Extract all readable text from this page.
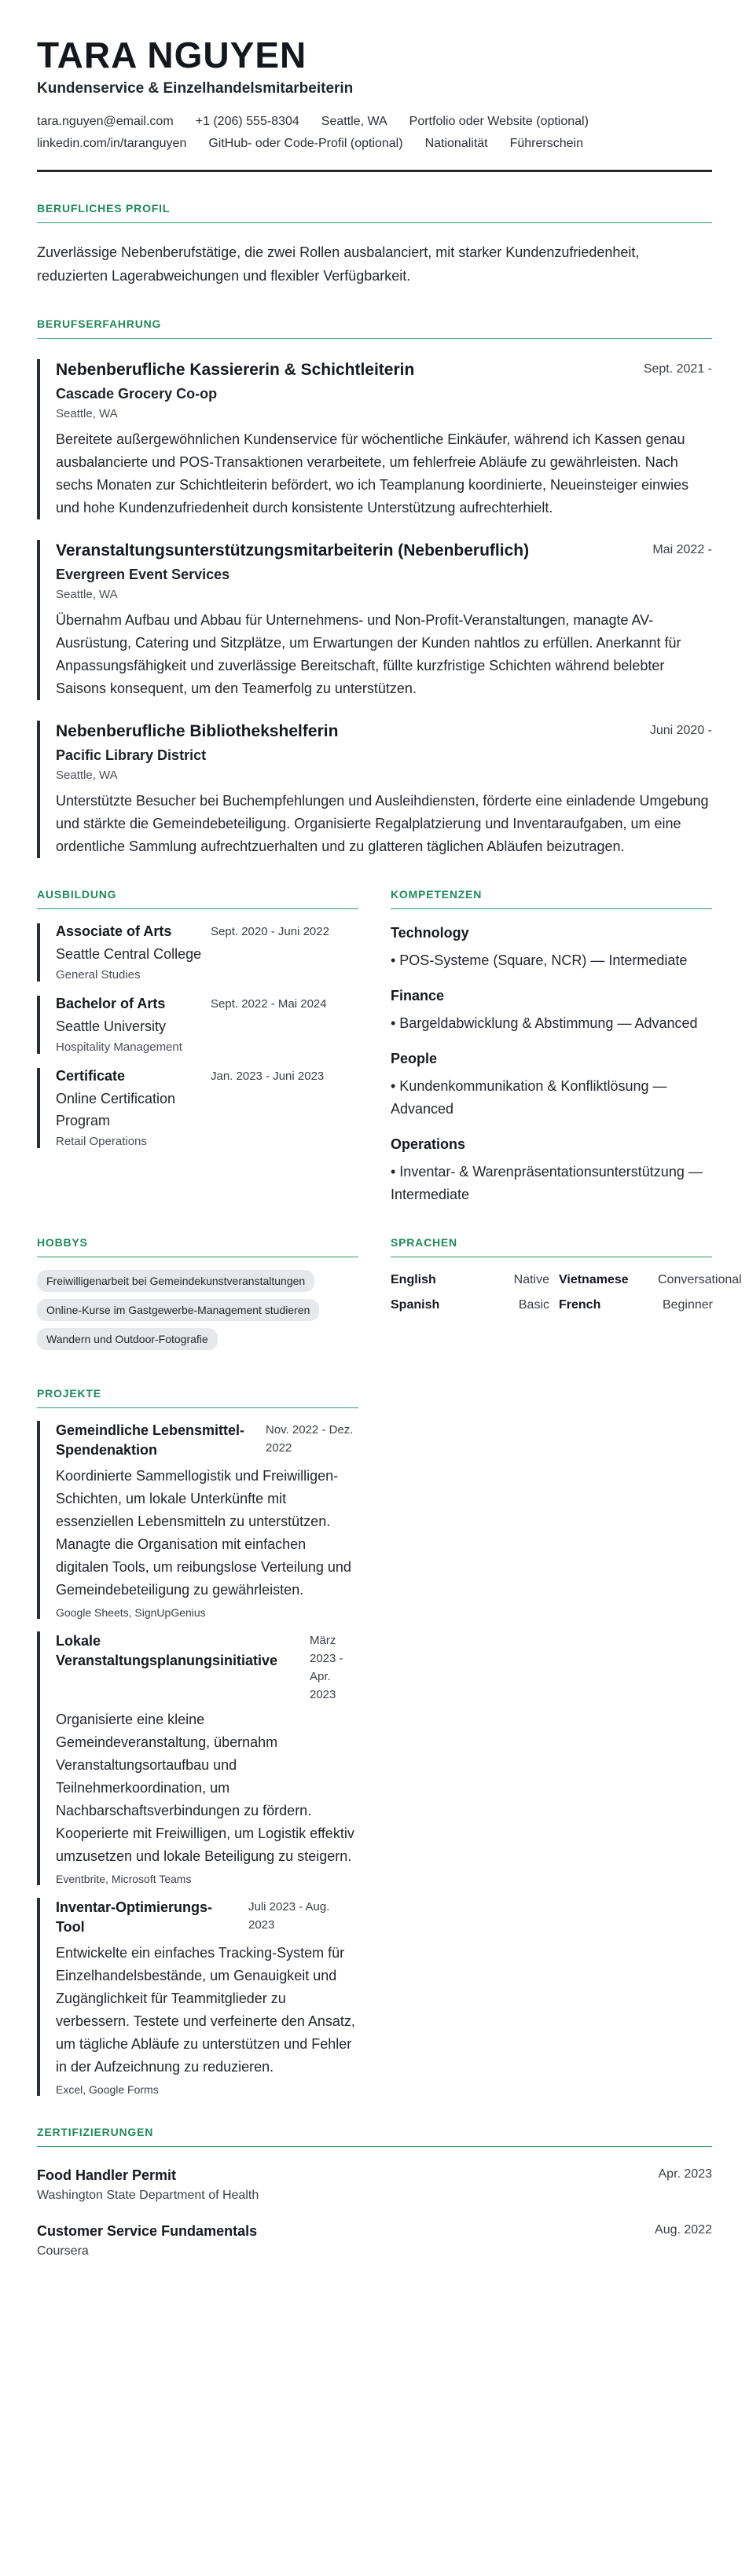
TARA NGUYEN
Kundenservice & Einzelhandelsmitarbeiterin
tara.nguyen@email.com +1 (206) 555-8304 Seattle, WA Portfolio oder Website (optional)
linkedin.com/in/taranguyen GitHub- oder Code-Profil (optional) Nationalität Führerschein
BERUFLICHES PROFIL

Zuverlässige Nebenberufstätige, die zwei Rollen ausbalanciert, mit starker Kundenzufriedenheit, reduzierten Lagerabweichungen und flexibler Verfügbarkeit.

BERUFSERFAHRUNG
Nebenberufliche Kassiererin & Schichtleiterin	Sept. 2021 -
Cascade Grocery Co-op
Seattle, WA

Bereitete außergewöhnlichen Kundenservice für wöchentliche Einkäufer, während ich Kassen genau ausbalancierte und POS-Transaktionen verarbeitete, um fehlerfreie Abläufe zu gewährleisten. Nach sechs Monaten zur Schichtleiterin befördert, wo ich Teamplanung koordinierte, Neueinsteiger einwies und hohe Kundenzufriedenheit durch konsistente Unterstützung aufrechterhielt.

Veranstaltungsunterstützungsmitarbeiterin (Nebenberuflich)	Mai 2022 -
Evergreen Event Services
Seattle, WA

Übernahm Aufbau und Abbau für Unternehmens- und Non-Profit-Veranstaltungen, managte AV-Ausrüstung, Catering und Sitzplätze, um Erwartungen der Kunden nahtlos zu erfüllen. Anerkannt für Anpassungsfähigkeit und zuverlässige Bereitschaft, füllte kurzfristige Schichten während belebter Saisons konsequent, um den Teamerfolg zu unterstützen.

Nebenberufliche Bibliothekshelferin	Juni 2020 -
Pacific Library District
Seattle, WA

Unterstützte Besucher bei Buchempfehlungen und Ausleihdiensten, förderte eine einladende Umgebung und stärkte die Gemeindebeteiligung. Organisierte Regalplatzierung und Inventaraufgaben, um eine ordentliche Sammlung aufrechtzuerhalten und zu glatteren täglichen Abläufen beizutragen.

AUSBILDUNG
Associate of Arts
Seattle Central College
General Studies
Sept. 2020 - Juni 2022
Bachelor of Arts
Seattle University
Hospitality Management
Sept. 2022 - Mai 2024
Certificate
Online Certification Program
Retail Operations
Jan. 2023 - Juni 2023
KOMPETENZEN
Technology
• POS-Systeme (Square, NCR) — Intermediate
Finance
• Bargeldabwicklung & Abstimmung — Advanced
People
• Kundenkommunikation & Konfliktlösung — Advanced
Operations
• Inventar- & Warenpräsentationsunterstützung — Intermediate
HOBBYS
Freiwilligenarbeit bei Gemeindekunstveranstaltungen
Online-Kurse im Gastgewerbe-Management studieren
Wandern und Outdoor-Fotografie
SPRACHEN
English	Native Vietnamese	Conversational
Spanish	Basic French	Beginner
PROJEKTE
Gemeindliche Lebensmittel-Spendenaktion
Nov. 2022 - Dez. 2022

Koordinierte Sammellogistik und Freiwilligen-Schichten, um lokale Unterkünfte mit essenziellen Lebensmitteln zu unterstützen. Managte die Organisation mit einfachen digitalen Tools, um reibungslose Verteilung und Gemeindebeteiligung zu gewährleisten.

Google Sheets, SignUpGenius
Lokale Veranstaltungsplanungsinitiative
März 2023 - Apr. 2023

Organisierte eine kleine Gemeindeveranstaltung, übernahm Veranstaltungsortaufbau und Teilnehmerkoordination, um Nachbarschaftsverbindungen zu fördern. Kooperierte mit Freiwilligen, um Logistik effektiv umzusetzen und lokale Beteiligung zu steigern.

Eventbrite, Microsoft Teams
Inventar-Optimierungs-Tool
Juli 2023 - Aug. 2023

Entwickelte ein einfaches Tracking-System für Einzelhandelsbestände, um Genauigkeit und Zugänglichkeit für Teammitglieder zu verbessern. Testete und verfeinerte den Ansatz, um tägliche Abläufe zu unterstützen und Fehler in der Aufzeichnung zu reduzieren.

Excel, Google Forms
ZERTIFIZIERUNGEN
Food Handler Permit	Apr. 2023
Washington State Department of Health
Customer Service Fundamentals	Aug. 2022
Coursera
